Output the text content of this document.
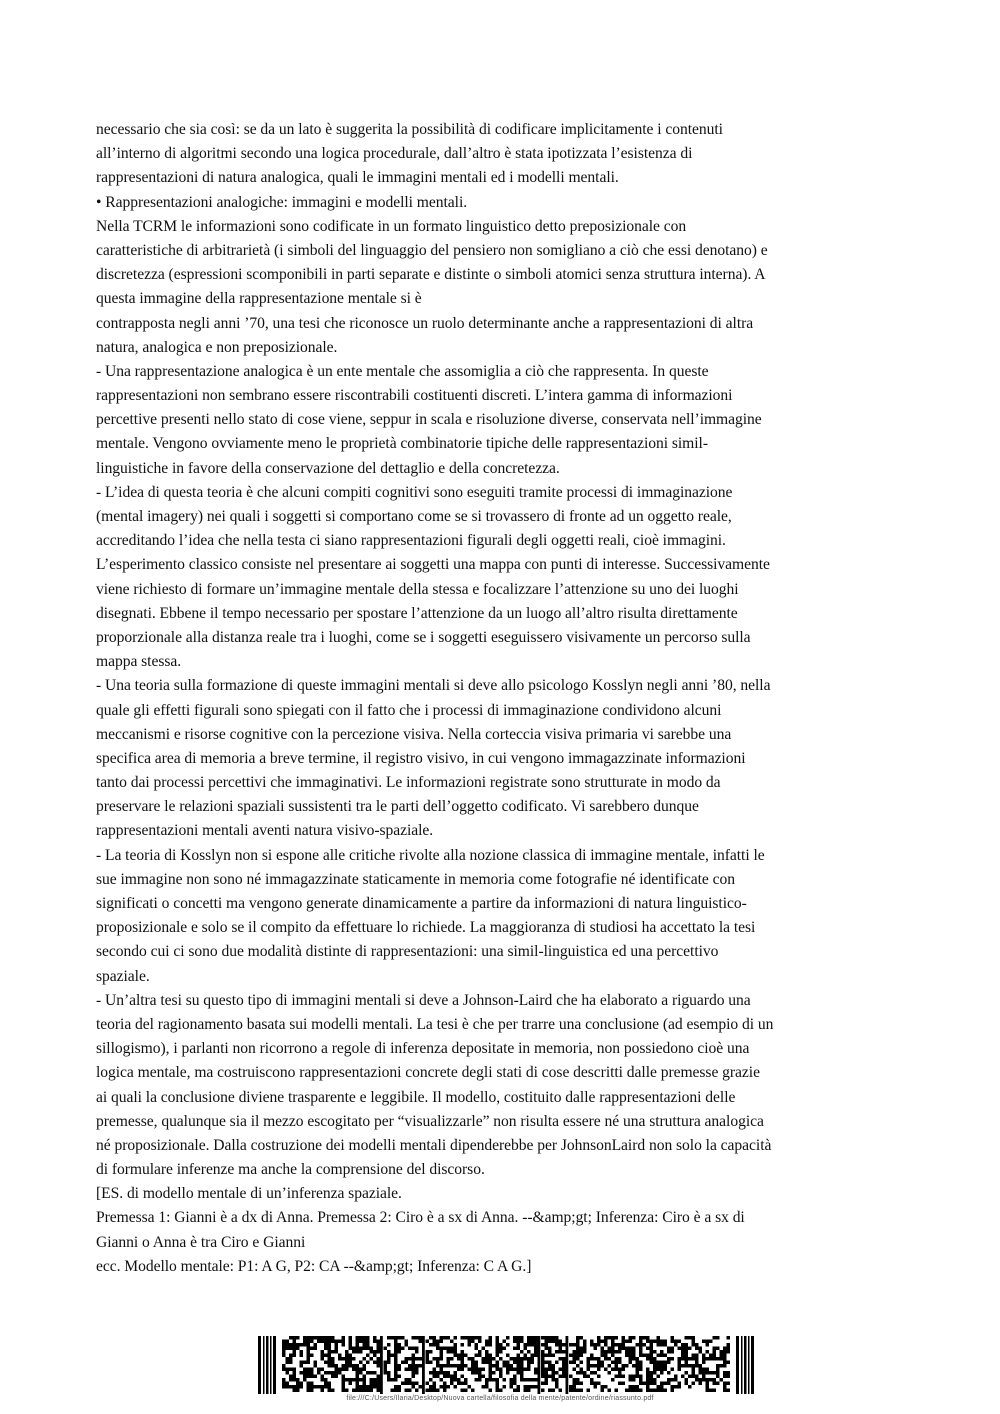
necessario che sia così: se da un lato è suggerita la possibilità di codificare implicitamente i contenuti
all’interno di algoritmi secondo una logica procedurale, dall’altro è stata ipotizzata l’esistenza di
rappresentazioni di natura analogica, quali le immagini mentali ed i modelli mentali.
• Rappresentazioni analogiche: immagini e modelli mentali.
Nella TCRM le informazioni sono codificate in un formato linguistico detto preposizionale con
caratteristiche di arbitrarietà (i simboli del linguaggio del pensiero non somigliano a ciò che essi denotano) e
discretezza (espressioni scomponibili in parti separate e distinte o simboli atomici senza struttura interna). A
questa immagine della rappresentazione mentale si è
contrapposta negli anni ’70, una tesi che riconosce un ruolo determinante anche a rappresentazioni di altra
natura, analogica e non preposizionale.
- Una rappresentazione analogica è un ente mentale che assomiglia a ciò che rappresenta. In queste
rappresentazioni non sembrano essere riscontrabili costituenti discreti. L’intera gamma di informazioni
percettive presenti nello stato di cose viene, seppur in scala e risoluzione diverse, conservata nell’immagine
mentale. Vengono ovviamente meno le proprietà combinatorie tipiche delle rappresentazioni simil-
linguistiche in favore della conservazione del dettaglio e della concretezza.
- L’idea di questa teoria è che alcuni compiti cognitivi sono eseguiti tramite processi di immaginazione
(mental imagery) nei quali i soggetti si comportano come se si trovassero di fronte ad un oggetto reale,
accreditando l’idea che nella testa ci siano rappresentazioni figurali degli oggetti reali, cioè immagini.
L’esperimento classico consiste nel presentare ai soggetti una mappa con punti di interesse. Successivamente
viene richiesto di formare un’immagine mentale della stessa e focalizzare l’attenzione su uno dei luoghi
disegnati. Ebbene il tempo necessario per spostare l’attenzione da un luogo all’altro risulta direttamente
proporzionale alla distanza reale tra i luoghi, come se i soggetti eseguissero visivamente un percorso sulla
mappa stessa.
- Una teoria sulla formazione di queste immagini mentali si deve allo psicologo Kosslyn negli anni ’80, nella
quale gli effetti figurali sono spiegati con il fatto che i processi di immaginazione condividono alcuni
meccanismi e risorse cognitive con la percezione visiva. Nella corteccia visiva primaria vi sarebbe una
specifica area di memoria a breve termine, il registro visivo, in cui vengono immagazzinate informazioni
tanto dai processi percettivi che immaginativi. Le informazioni registrate sono strutturate in modo da
preservare le relazioni spaziali sussistenti tra le parti dell’oggetto codificato. Vi sarebbero dunque
rappresentazioni mentali aventi natura visivo-spaziale.
- La teoria di Kosslyn non si espone alle critiche rivolte alla nozione classica di immagine mentale, infatti le
sue immagine non sono né immagazzinate staticamente in memoria come fotografie né identificate con
significati o concetti ma vengono generate dinamicamente a partire da informazioni di natura linguistico-
proposizionale e solo se il compito da effettuare lo richiede. La maggioranza di studiosi ha accettato la tesi
secondo cui ci sono due modalità distinte di rappresentazioni: una simil-linguistica ed una percettivo
spaziale.
- Un’altra tesi su questo tipo di immagini mentali si deve a Johnson-Laird che ha elaborato a riguardo una
teoria del ragionamento basata sui modelli mentali. La tesi è che per trarre una conclusione (ad esempio di un
sillogismo), i parlanti non ricorrono a regole di inferenza depositate in memoria, non possiedono cioè una
logica mentale, ma costruiscono rappresentazioni concrete degli stati di cose descritti dalle premesse grazie
ai quali la conclusione diviene trasparente e leggibile. Il modello, costituito dalle rappresentazioni delle
premesse, qualunque sia il mezzo escogitato per “visualizzarle” non risulta essere né una struttura analogica
né proposizionale. Dalla costruzione dei modelli mentali dipenderebbe per JohnsonLaird non solo la capacità
di formulare inferenze ma anche la comprensione del discorso.
[ES. di modello mentale di un’inferenza spaziale.
Premessa 1: Gianni è a dx di Anna. Premessa 2: Ciro è a sx di Anna. --&amp;gt; Inferenza: Ciro è a sx di
Gianni o Anna è tra Ciro e Gianni
ecc. Modello mentale: P1: A G, P2: CA --&amp;gt; Inferenza: C A G.]
file:///C:/Users/Ilaria/Desktop/Nuova cartella/filosofia della mente/patente/ordine/riassunto.pdf
